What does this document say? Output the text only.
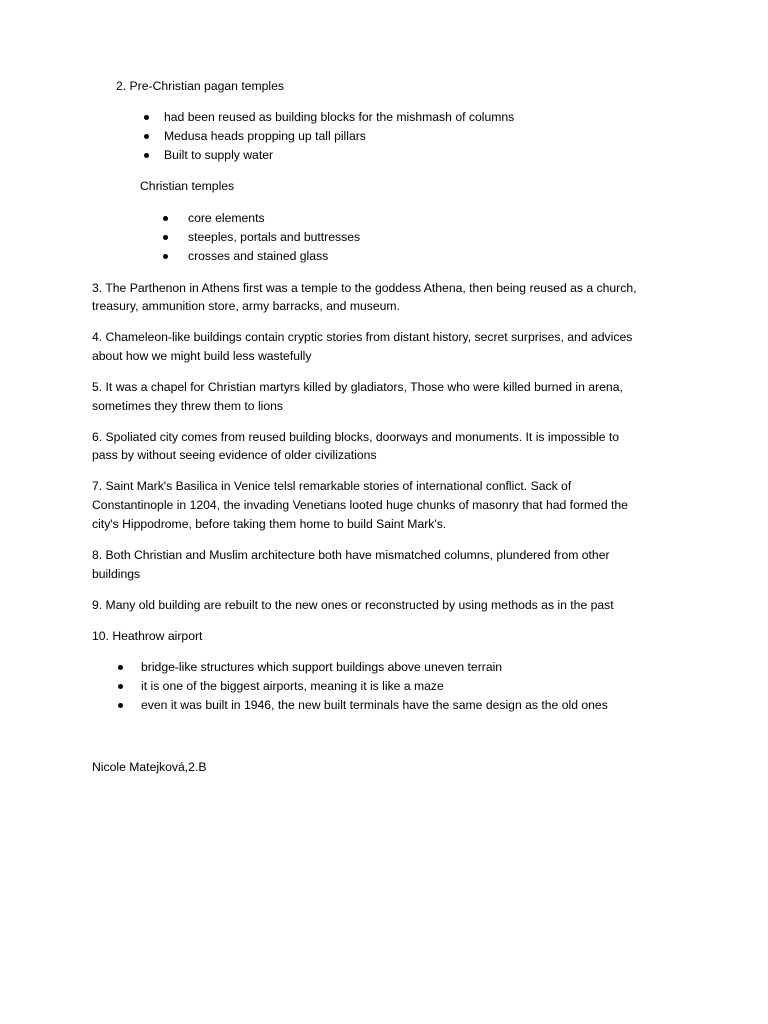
2. Pre-Christian pagan temples
had been reused as building blocks for the mishmash of columns
Medusa heads propping up tall pillars
Built to supply water
Christian temples
core elements
steeples, portals and buttresses
crosses and stained glass
3. The Parthenon in Athens first was a temple to the goddess Athena, then being reused as a church,
treasury, ammunition store, army barracks, and museum.
4. Chameleon-like buildings contain cryptic stories from distant history, secret surprises, and advices
about how we might build less wastefully
5. It was a chapel for Christian martyrs killed by gladiators, Those who were killed burned in arena,
sometimes they threw them to lions
6. Spoliated city comes from reused building blocks, doorways and monuments. It is impossible to
pass by without seeing evidence of older civilizations
7. Saint Mark's Basilica in Venice telsl remarkable stories of international conflict. Sack of
Constantinople in 1204, the invading Venetians looted huge chunks of masonry that had formed the
city's Hippodrome, before taking them home to build Saint Mark's.
8. Both Christian and Muslim architecture both have mismatched columns, plundered from other
buildings
9. Many old building are rebuilt to the new ones or reconstructed by using methods as in the past
10. Heathrow airport
bridge-like structures which support buildings above uneven terrain
it is one of the biggest airports, meaning it is like a maze
even it was built in 1946, the new built terminals have the same design as the old ones
Nicole Matejková,2.B
